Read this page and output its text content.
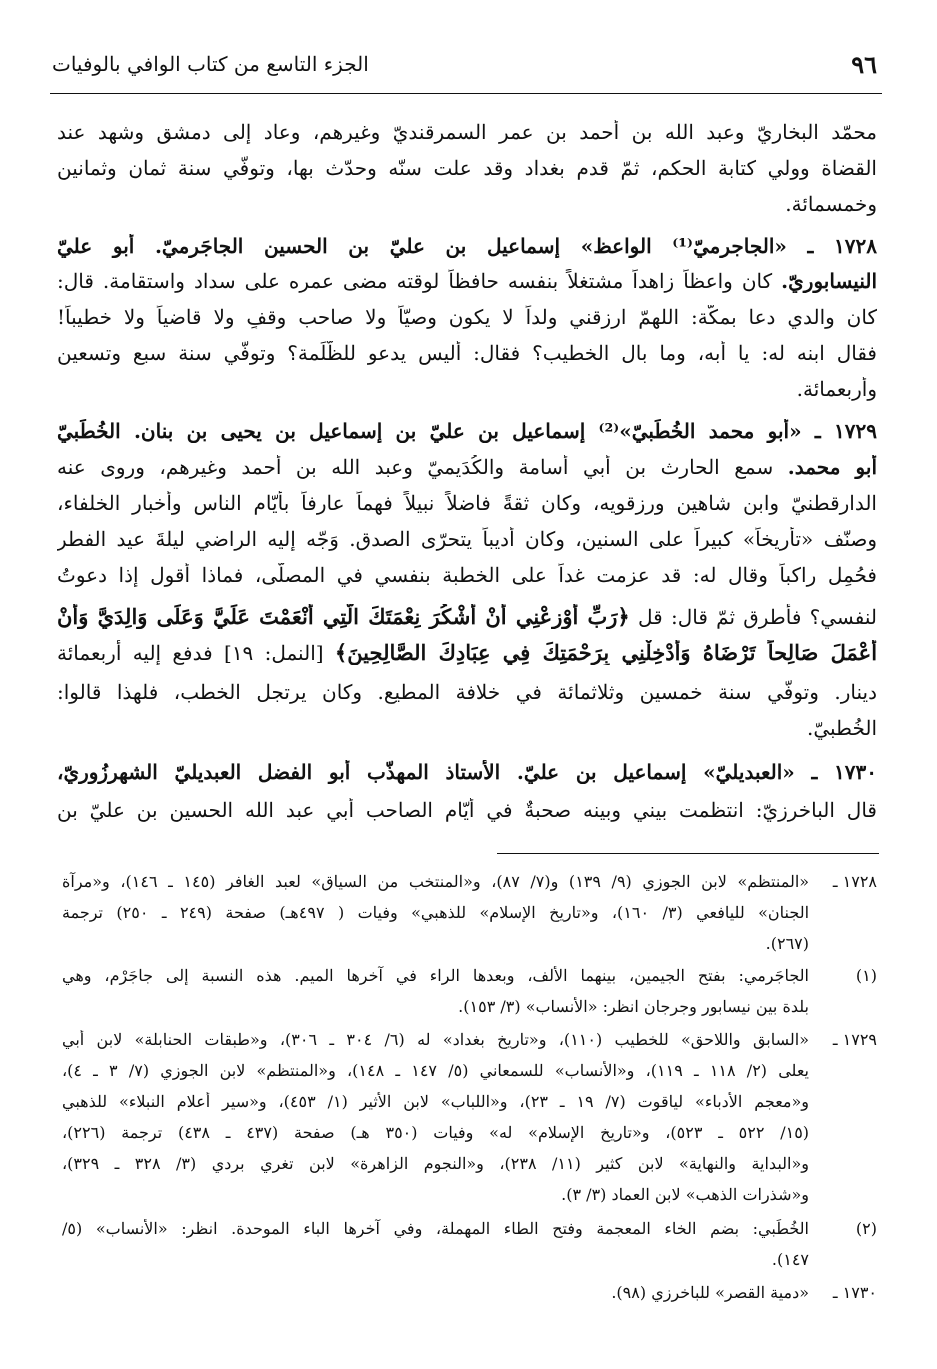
٩٦
الجزء التاسع من كتاب الوافي بالوفيات
محمّد البخاريّ وعبد الله بن أحمد بن عمر السمرقنديّ وغيرهم، وعاد إلى دمشق وشهد عند
القضاة وولي كتابة الحكم، ثمّ قدم بغداد وقد علت سنّه وحدّث بها، وتوفّي سنة ثمان وثمانين
وخمسمائة.
١٧٢٨ ـ «الجاجرميّ⁽¹⁾ الواعظ» إسماعيل بن عليّ بن الحسين الجاجَرميّ. أبو عليّ
النيسابوريّ. كان واعظاً زاهداً مشتغلاً بنفسه حافظاً لوقته مضى عمره على سداد واستقامة. قال:
كان والدي دعا بمكّة: اللهمّ ارزقني ولداً لا يكون وصيّاً ولا صاحب وقفٍ ولا قاضياً ولا خطيباً!
فقال ابنه له: يا أبه، وما بال الخطيب؟ فقال: أليس يدعو للظَّلَمة؟ وتوفّي سنة سبع وتسعين
وأربعمائة.
١٧٢٩ ـ «أبو محمد الخُطَبيّ»⁽²⁾ إسماعيل بن عليّ بن إسماعيل بن يحيى بن بنان. الخُطَبيّ
أبو محمد. سمع الحارث بن أبي أُسامة والكُدَيميّ وعبد الله بن أحمد وغيرهم، وروى عنه
الدارقطنيّ وابن شاهين ورزقويه، وكان ثقةً فاضلاً نبيلاً فهماً عارفاً بأيّام الناس وأخبار الخلفاء،
وصنّف «تأريخاً» كبيراً على السنين، وكان أديباً يتحرّى الصدق. وَجّه إليه الراضي ليلةَ عيد الفطر
فحُمِل راكباً وقال له: قد عزمت غداً على الخطبة بنفسي في المصلّى، فماذا أقول إذا دعوتُ
لنفسي؟ فأطرق ثمّ قال: قل ﴿رَبِّ أَوْزِعْنِي أَنْ أَشْكُرَ نِعْمَتَكَ الَّتِي أَنْعَمْتَ عَلَيَّ وَعَلَى وَالِدَيَّ وَأَنْ
أَعْمَلَ صَالِحاً تَرْضَاهُ وَأَدْخِلْنِي بِرَحْمَتِكَ فِي عِبَادِكَ الصَّالِحِينَ﴾ [النمل: ١٩] فدفع إليه أربعمائة
دينار. وتوفّي سنة خمسين وثلاثمائة في خلافة المطيع. وكان يرتجل الخطب، فلهذا قالوا:
الخُطبيّ.
١٧٣٠ ـ «العبديليّ» إسماعيل بن عليّ. الأستاذ المهذّب أبو الفضل العبديليّ الشهرزُوريّ،
قال الباخرزيّ: انتظمت بيني وبينه صحبةٌ في أيّام الصاحب أبي عبد الله الحسين بن عليّ بن
١٧٢٨ ـ
«المنتظم» لابن الجوزي (٩/ ١٣٩) و(٧/ ٨٧)، و«المنتخب من السياق» لعبد الغافر (١٤٥ ـ ١٤٦)، و«مرآة
الجنان» لليافعي (٣/ ١٦٠)، و«تاريخ الإسلام» للذهبي» وفيات ( ٤٩٧هـ) صفحة (٢٤٩ ـ ٢٥٠) ترجمة
(٢٦٧).
(١)
الجاجَرمي: بفتح الجيمين، بينهما الألف، وبعدها الراء في آخرها الميم. هذه النسبة إلى جاجَرْم، وهي
بلدة بين نيسابور وجرجان انظر: «الأنساب» (٣/ ١٥٣).
١٧٢٩ ـ
«السابق واللاحق» للخطيب (١١٠)، و«تاريخ بغداد» له (٦/ ٣٠٤ ـ ٣٠٦)، و«طبقات الحنابلة» لابن أبي
يعلى (٢/ ١١٨ ـ ١١٩)، و«الأنساب» للسمعاني (٥/ ١٤٧ ـ ١٤٨)، و«المنتظم» لابن الجوزي (٧/ ٣ ـ ٤)،
و«معجم الأدباء» لياقوت (٧/ ١٩ ـ ٢٣)، و«اللباب» لابن الأثير (١/ ٤٥٣)، و«سير أعلام النبلاء» للذهبي
(١٥/ ٥٢٢ ـ ٥٢٣)، و«تاريخ الإسلام» له» وفيات (٣٥٠ هـ) صفحة (٤٣٧ ـ ٤٣٨) ترجمة (٢٢٦)،
و«البداية والنهاية» لابن كثير (١١/ ٢٣٨)، و«النجوم الزاهرة» لابن تغري بردي (٣/ ٣٢٨ ـ ٣٢٩)،
و«شذرات الذهب» لابن العماد (٣/ ٣).
(٢)
الخُطَبي: بضم الخاء المعجمة وفتح الطاء المهملة، وفي آخرها الباء الموحدة. انظر: «الأنساب» (٥/
١٤٧).
١٧٣٠ ـ
«دمية القصر» للباخرزي (٩٨).
